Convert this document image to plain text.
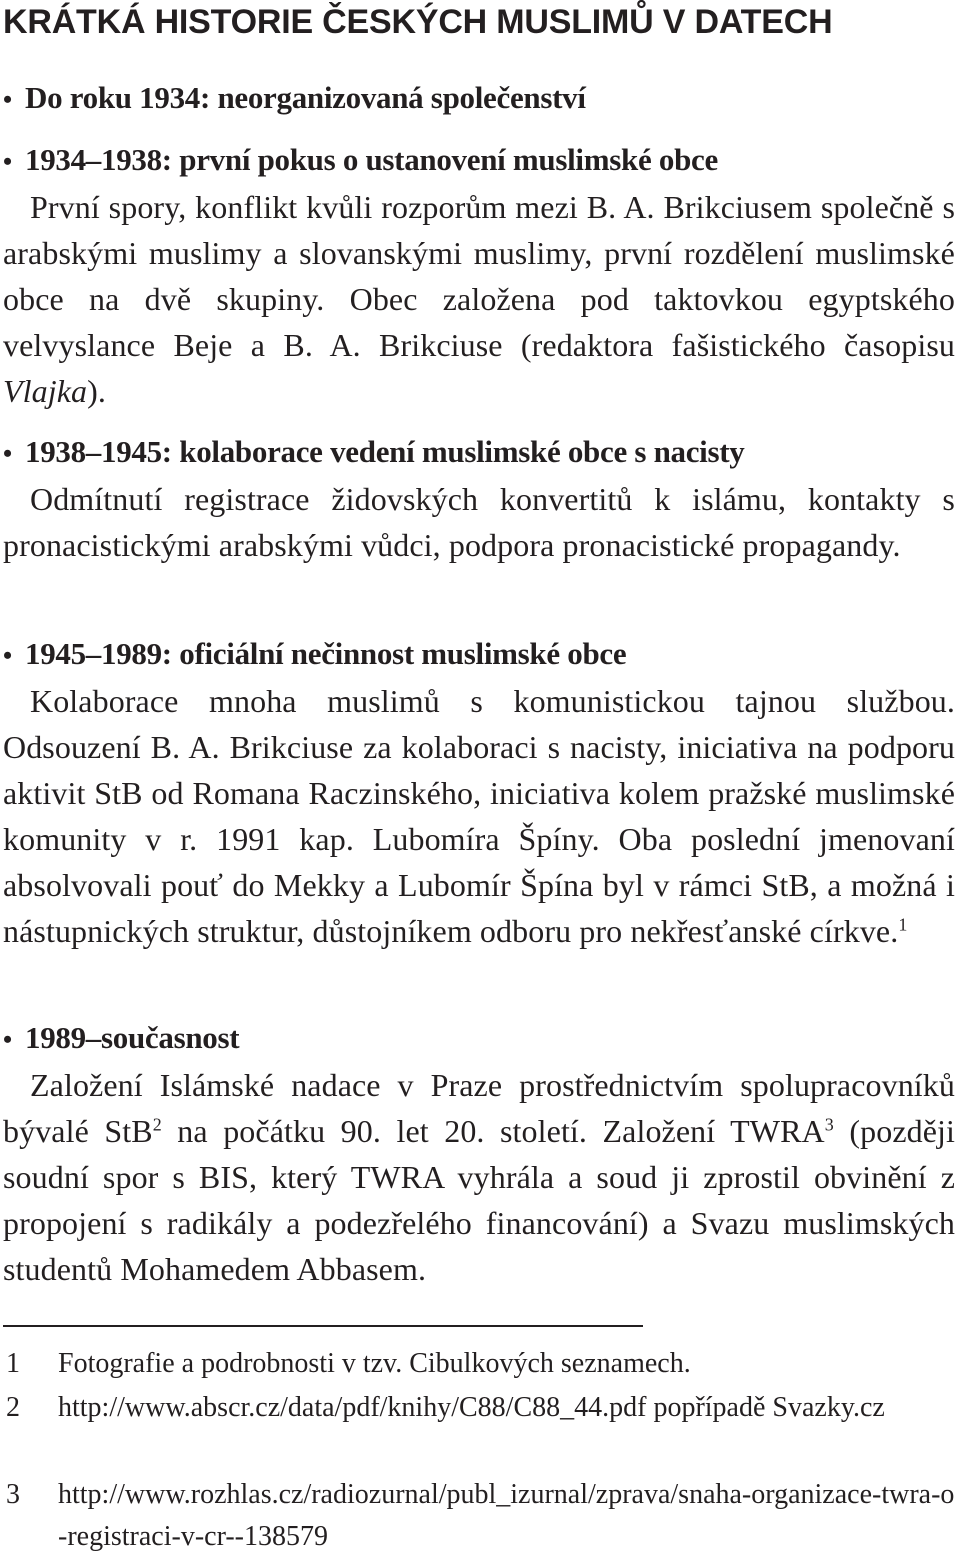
KRÁTKÁ HISTORIE ČESKÝCH MUSLIMŮ V DATECH
• Do roku 1934: neorganizovaná společenství
• 1934–1938: první pokus o ustanovení muslimské obce
První spory, konflikt kvůli rozporům mezi B. A. Brikciusem společně s arabskými muslimy a slovanskými muslimy, první rozdělení muslimské obce na dvě skupiny. Obec založena pod taktovkou egyptského velvyslance Beje a B. A. Brikciuse (redaktora fašistického časopisu Vlajka).
• 1938–1945: kolaborace vedení muslimské obce s nacisty
Odmítnutí registrace židovských konvertitů k islámu, kontakty s pronacistickými arabskými vůdci, podpora pronacistické propagandy.
• 1945–1989: oficiální nečinnost muslimské obce
Kolaborace mnoha muslimů s komunistickou tajnou službou. Odsouzení B. A. Brikciuse za kolaboraci s nacisty, iniciativa na podporu aktivit StB od Romana Raczinského, iniciativa kolem pražské muslimské komunity v r. 1991 kap. Lubomíra Špíny. Oba poslední jmenovaní absolvovali pouť do Mekky a Lubomír Špína byl v rámci StB, a možná i nástupnických struktur, důstojníkem odboru pro nekřesťanské církve.$^1$
• 1989–současnost
Založení Islámské nadace v Praze prostřednictvím spolupracovníků bývalé StB$^2$ na počátku 90. let 20. století. Založení TWRA$^3$ (později soudní spor s BIS, který TWRA vyhrála a soud ji zprostil obvinění z propojení s radikály a podezřelého financování) a Svazu muslimských studentů Mohamedem Abbasem.
1 Fotografie a podrobnosti v tzv. Cibulkových seznamech.
2 http://www.abscr.cz/data/pdf/knihy/C88/C88_44.pdf popřípadě Svazky.cz
3 http://www.rozhlas.cz/radiozurnal/publ_izurnal/zprava/snaha-organizace-twra-o-registraci-v-cr--138579
